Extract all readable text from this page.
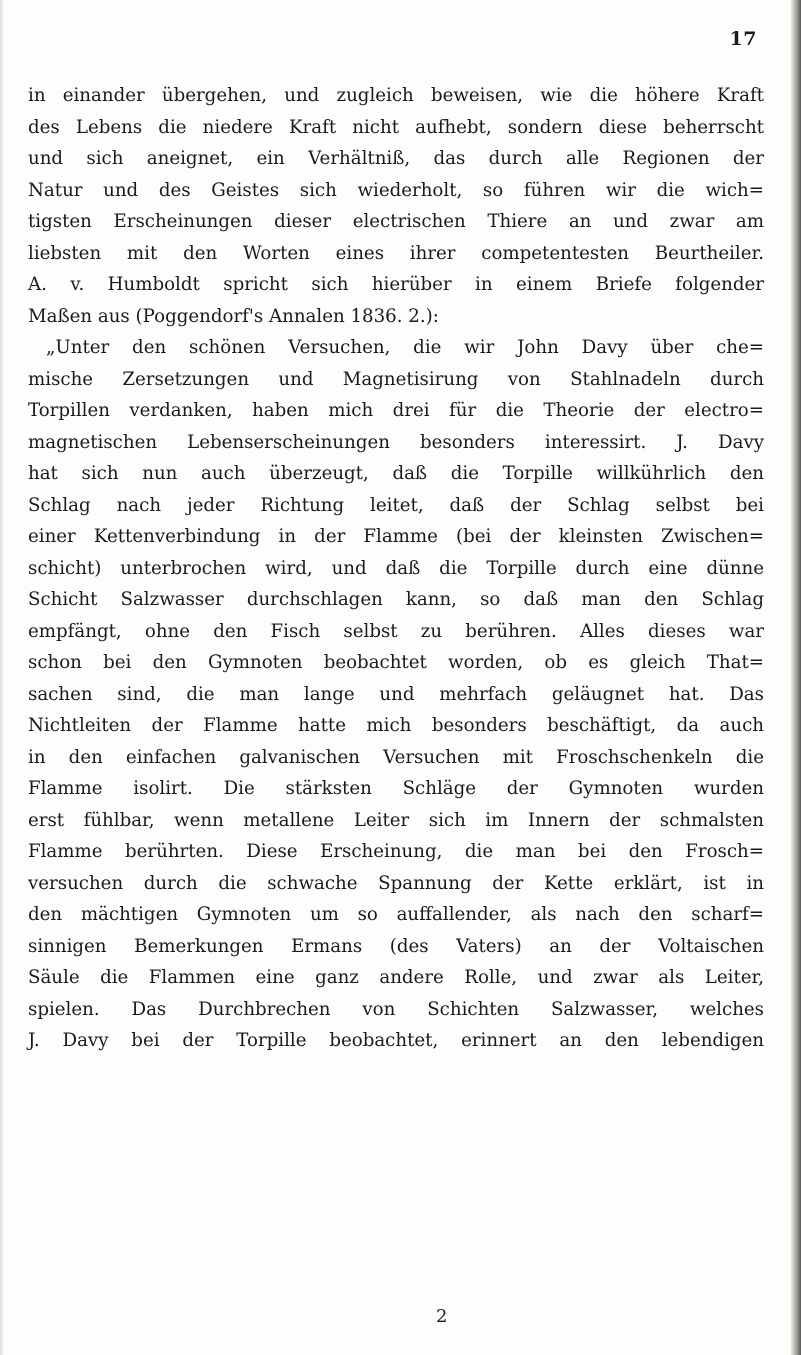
17
in einander übergehen, und zugleich beweisen, wie die höhere Kraft
des Lebens die niedere Kraft nicht aufhebt, sondern diese beherrscht
und sich aneignet, ein Verhältniß, das durch alle Regionen der
Natur und des Geistes sich wiederholt, so führen wir die wich=
tigsten Erscheinungen dieser electrischen Thiere an und zwar am
liebsten mit den Worten eines ihrer competentesten Beurtheiler.
A. v. Humboldt spricht sich hierüber in einem Briefe folgender
Maßen aus (Poggendorf's Annalen 1836. 2.):
„Unter den schönen Versuchen, die wir John Davy über che=
mische Zersetzungen und Magnetisirung von Stahlnadeln durch
Torpillen verdanken, haben mich drei für die Theorie der electro=
magnetischen Lebenserscheinungen besonders interessirt. J. Davy
hat sich nun auch überzeugt, daß die Torpille willkührlich den
Schlag nach jeder Richtung leitet, daß der Schlag selbst bei
einer Kettenverbindung in der Flamme (bei der kleinsten Zwischen=
schicht) unterbrochen wird, und daß die Torpille durch eine dünne
Schicht Salzwasser durchschlagen kann, so daß man den Schlag
empfängt, ohne den Fisch selbst zu berühren. Alles dieses war
schon bei den Gymnoten beobachtet worden, ob es gleich That=
sachen sind, die man lange und mehrfach geläugnet hat. Das
Nichtleiten der Flamme hatte mich besonders beschäftigt, da auch
in den einfachen galvanischen Versuchen mit Froschschenkeln die
Flamme isolirt. Die stärksten Schläge der Gymnoten wurden
erst fühlbar, wenn metallene Leiter sich im Innern der schmalsten
Flamme berührten. Diese Erscheinung, die man bei den Frosch=
versuchen durch die schwache Spannung der Kette erklärt, ist in
den mächtigen Gymnoten um so auffallender, als nach den scharf=
sinnigen Bemerkungen Ermans (des Vaters) an der Voltaischen
Säule die Flammen eine ganz andere Rolle, und zwar als Leiter,
spielen. Das Durchbrechen von Schichten Salzwasser, welches
J. Davy bei der Torpille beobachtet, erinnert an den lebendigen
2
